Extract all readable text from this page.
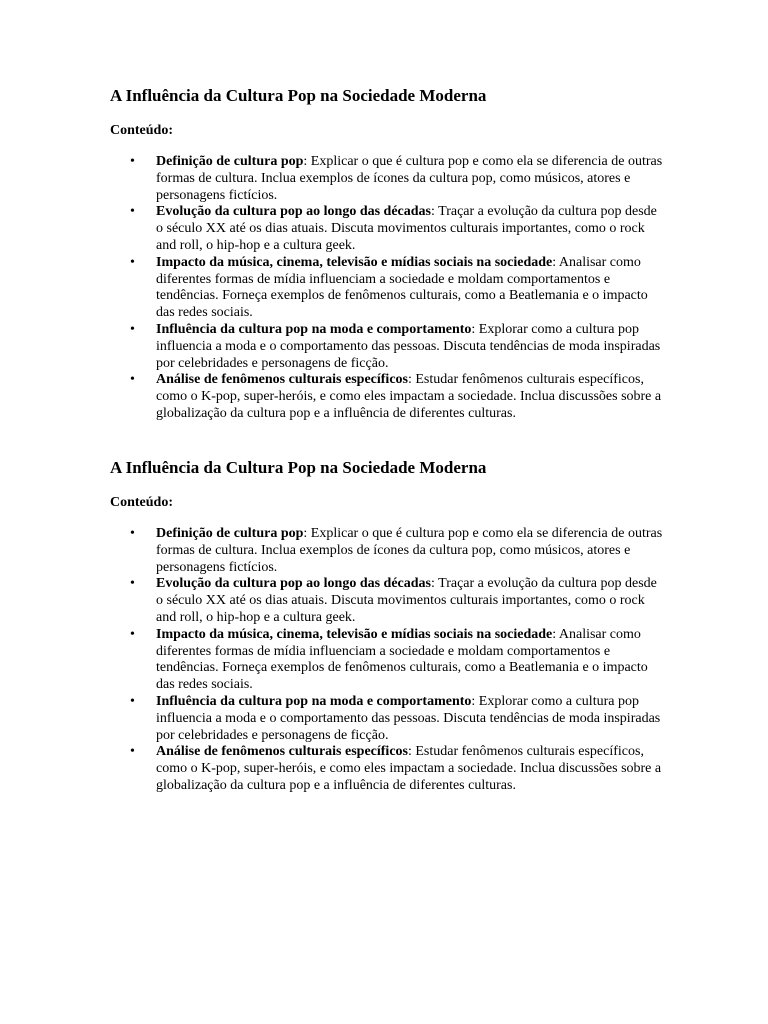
A Influência da Cultura Pop na Sociedade Moderna

Conteúdo:

• Definição de cultura pop: Explicar o que é cultura pop e como ela se diferencia de outras formas de cultura. Inclua exemplos de ícones da cultura pop, como músicos, atores e personagens fictícios.
• Evolução da cultura pop ao longo das décadas: Traçar a evolução da cultura pop desde o século XX até os dias atuais. Discuta movimentos culturais importantes, como o rock and roll, o hip-hop e a cultura geek.
• Impacto da música, cinema, televisão e mídias sociais na sociedade: Analisar como diferentes formas de mídia influenciam a sociedade e moldam comportamentos e tendências. Forneça exemplos de fenômenos culturais, como a Beatlemania e o impacto das redes sociais.
• Influência da cultura pop na moda e comportamento: Explorar como a cultura pop influencia a moda e o comportamento das pessoas. Discuta tendências de moda inspiradas por celebridades e personagens de ficção.
• Análise de fenômenos culturais específicos: Estudar fenômenos culturais específicos, como o K-pop, super-heróis, e como eles impactam a sociedade. Inclua discussões sobre a globalização da cultura pop e a influência de diferentes culturas.
A Influência da Cultura Pop na Sociedade Moderna

Conteúdo:

• Definição de cultura pop: Explicar o que é cultura pop e como ela se diferencia de outras formas de cultura. Inclua exemplos de ícones da cultura pop, como músicos, atores e personagens fictícios.
• Evolução da cultura pop ao longo das décadas: Traçar a evolução da cultura pop desde o século XX até os dias atuais. Discuta movimentos culturais importantes, como o rock and roll, o hip-hop e a cultura geek.
• Impacto da música, cinema, televisão e mídias sociais na sociedade: Analisar como diferentes formas de mídia influenciam a sociedade e moldam comportamentos e tendências. Forneça exemplos de fenômenos culturais, como a Beatlemania e o impacto das redes sociais.
• Influência da cultura pop na moda e comportamento: Explorar como a cultura pop influencia a moda e o comportamento das pessoas. Discuta tendências de moda inspiradas por celebridades e personagens de ficção.
• Análise de fenômenos culturais específicos: Estudar fenômenos culturais específicos, como o K-pop, super-heróis, e como eles impactam a sociedade. Inclua discussões sobre a globalização da cultura pop e a influência de diferentes culturas.
